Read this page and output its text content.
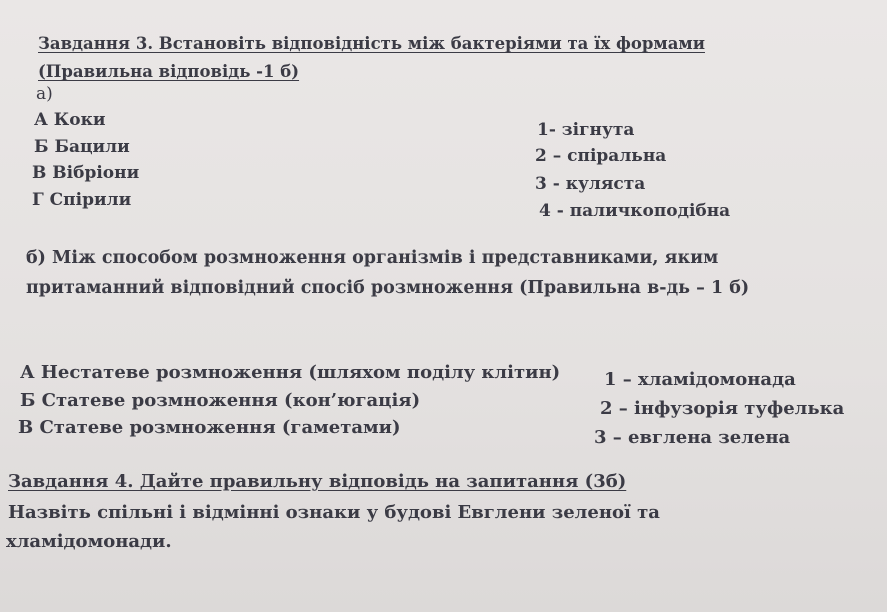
Завдання 3. Встановіть відповідність між бактеріями та їх формами
(Правильна відповідь -1 б)
а)
А Коки
Б Бацили
В Вібріони
Г Спірили
1- зігнута
2 – спіральна
3 - куляста
4 - паличкоподібна
б) Між способом розмноження організмів і представниками, яким
притаманний відповідний спосіб розмноження (Правильна в-дь – 1 б)
А Нестатеве розмноження (шляхом поділу клітин)
Б Статеве розмноження (кон’югація)
В Статеве розмноження (гаметами)
1 – хламідомонада
2 – інфузорія туфелька
3 – евглена зелена
Завдання 4. Дайте правильну відповідь на запитання (3б)
Назвіть спільні і відмінні ознаки у будові Евглени зеленої та
хламідомонади.
